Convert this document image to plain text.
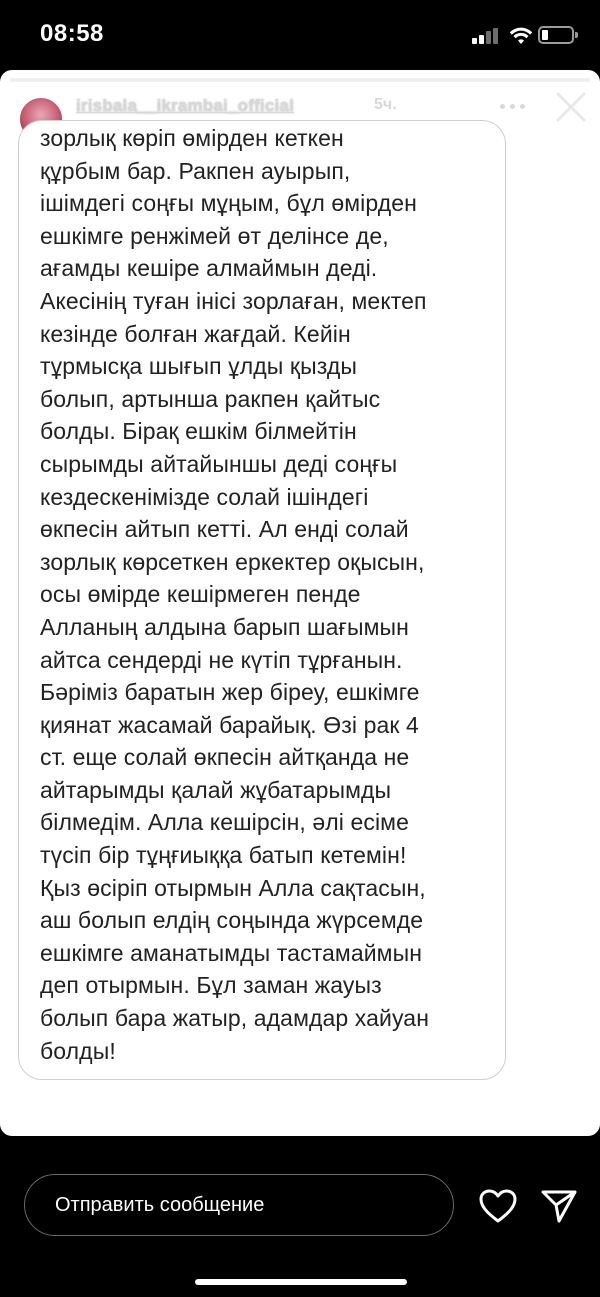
08:58
irisbala__ikrambai_official	5ч.
зорлық көріп өмірден кеткен
құрбым бар. Ракпен ауырып,
ішімдегі соңғы мұңым, бұл өмірден
ешкімге ренжімей өт делінсе де,
ағамды кешіре алмаймын деді.
Акесінің туған інісі зорлаған, мектеп
кезінде болған жағдай. Кейін
тұрмысқа шығып ұлды қызды
болып, артынша ракпен қайтыс
болды. Бірақ ешкім білмейтін
сырымды айтайыншы деді соңғы
кездескенімізде солай ішіндегі
өкпесін айтып кетті. Ал енді солай
зорлық көрсеткен еркектер оқысын,
осы өмірде кешірмеген пенде
Алланың алдына барып шағымын
айтса сендерді не күтіп тұрғанын.
Бәріміз баратын жер біреу, ешкімге
қиянат жасамай барайық. Өзі рак 4
ст. еще солай өкпесін айтқанда не
айтарымды қалай жұбатарымды
білмедім. Алла кешірсін, әлі есіме
түсіп бір тұңғиыққа батып кетемін!
Қыз өсіріп отырмын Алла сақтасын,
аш болып елдің соңында жүрсемде
ешкімге аманатымды тастамаймын
деп отырмын. Бұл заман жауыз
болып бара жатыр, адамдар хайуан
болды!
Отправить сообщение
